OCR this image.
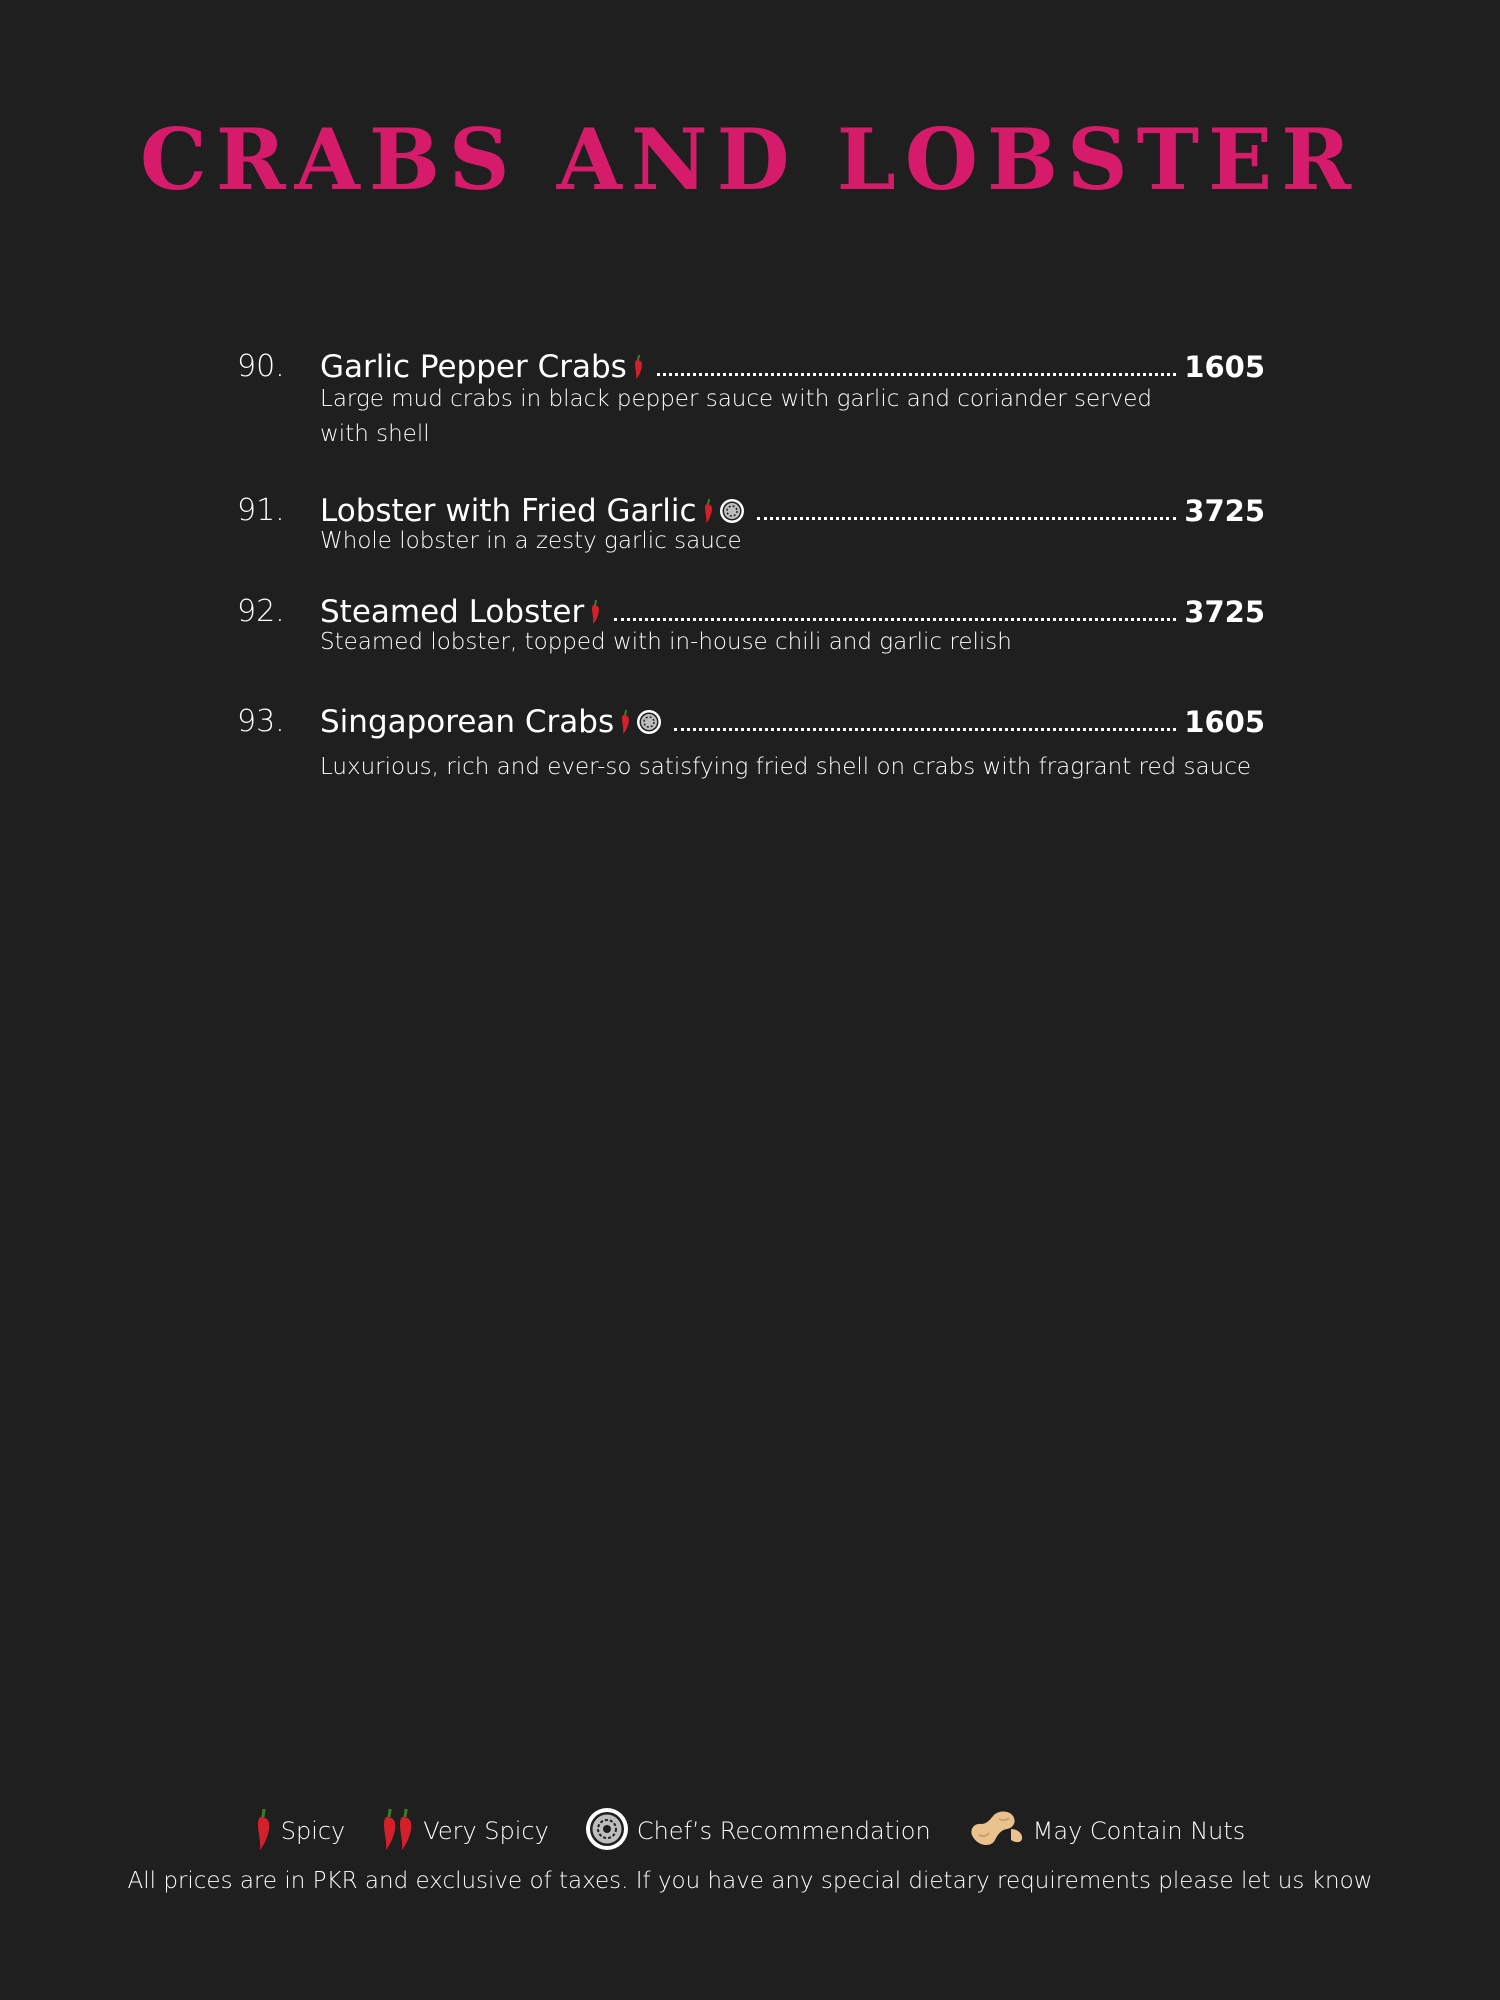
CRABS AND LOBSTER
90. Garlic Pepper Crabs	1605

Large mud crabs in black pepper sauce with garlic and coriander served with shell

91. Lobster with Fried Garlic	3725

Whole lobster in a zesty garlic sauce

92. Steamed Lobster	3725

Steamed lobster, topped with in-house chili and garlic relish

93. Singaporean Crabs	1605

Luxurious, rich and ever-so satisfying fried shell on crabs with fragrant red sauce

Spicy	Very Spicy	Chef’s Recommendation	May Contain Nuts

All prices are in PKR and exclusive of taxes. If you have any special dietary requirements please let us know
